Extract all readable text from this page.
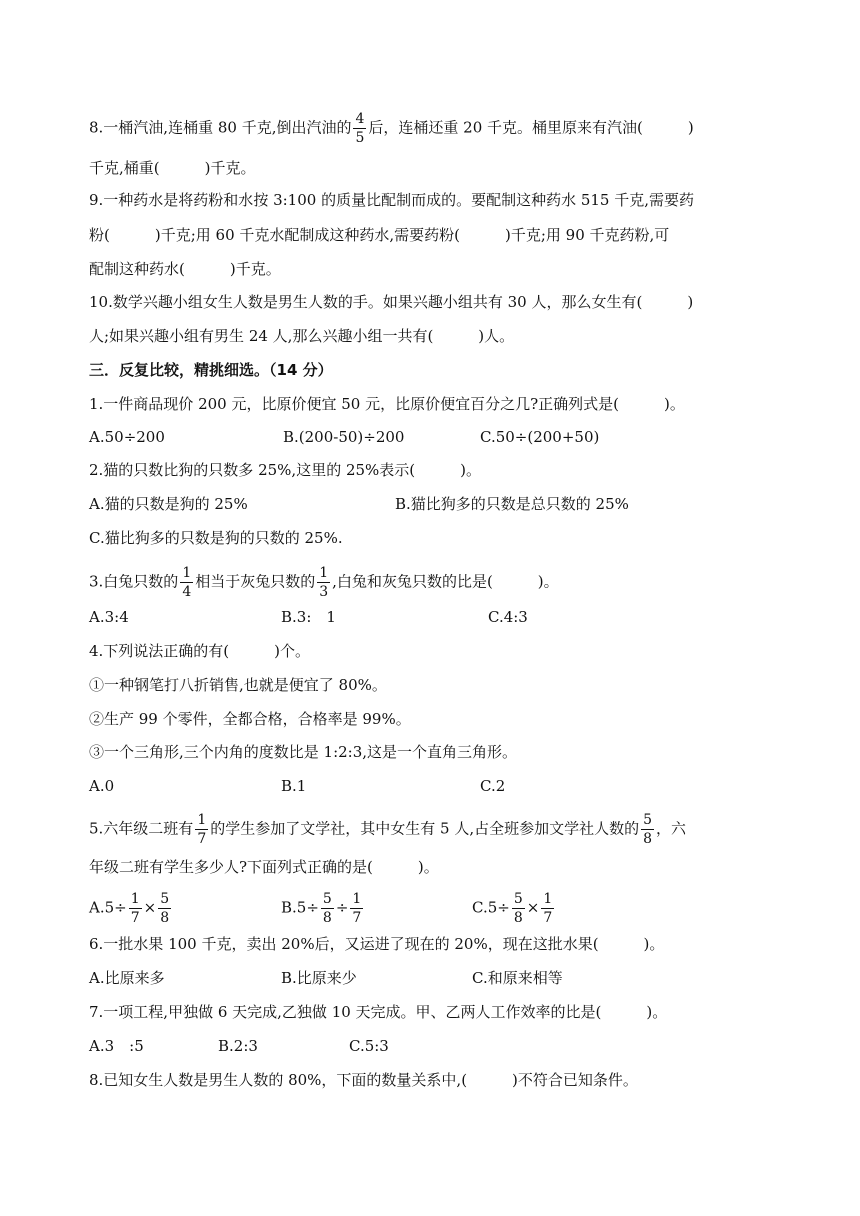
8.一桶汽油,连桶重 80 千克,倒出汽油的 $\frac{4}{5}$ 后，连桶还重 20 千克。桶里原来有汽油(　　　)
千克,桶重(　　　)千克。
9.一种药水是将药粉和水按 3:100 的质量比配制而成的。要配制这种药水 515 千克,需要药
粉(　　　)千克;用 60 千克水配制成这种药水,需要药粉(　　　)千克;用 90 千克药粉,可
配制这种药水(　　　)千克。
10.数学兴趣小组女生人数是男生人数的手。如果兴趣小组共有 30 人，那么女生有(　　　)
人;如果兴趣小组有男生 24 人,那么兴趣小组一共有(　　　)人。
三．反复比较，精挑细选。（14 分）
1.一件商品现价 200 元，比原价便宜 50 元，比原价便宜百分之几?正确列式是(　　　)。
A.50÷200	B.(200-50)÷200	C.50÷(200+50)
2.猫的只数比狗的只数多 25%,这里的 25%表示(　　　)。
A.猫的只数是狗的 25%	B.猫比狗多的只数是总只数的 25%
C.猫比狗多的只数是狗的只数的 25%.
3.白兔只数的 $\frac{1}{4}$ 相当于灰兔只数的 $\frac{1}{3}$ ,白兔和灰兔只数的比是(　　　)。
A.3:4	B.3:　1	C.4:3
4.下列说法正确的有(　　　)个。
①一种钢笔打八折销售,也就是便宜了 80%。
②生产 99 个零件，全都合格，合格率是 99%。
③一个三角形,三个内角的度数比是 1:2:3,这是一个直角三角形。
A.0	B.1	C.2
5.六年级二班有 $\frac{1}{7}$ 的学生参加了文学社，其中女生有 5 人,占全班参加文学社人数的 $\frac{5}{8}$ ，六
年级二班有学生多少人?下面列式正确的是(　　　)。
$A.5\div \frac{1}{7} \times \frac{5}{8}$	$B.5\div \frac{5}{8} \div \frac{1}{7}$	$C.5\div \frac{5}{8} \times \frac{1}{7}$
6.一批水果 100 千克，卖出 20%后，又运进了现在的 20%，现在这批水果(　　　)。
A.比原来多	B.比原来少	C.和原来相等
7.一项工程,甲独做 6 天完成,乙独做 10 天完成。甲、乙两人工作效率的比是(　　　)。
A.3　:5	B.2:3	C.5:3
8.已知女生人数是男生人数的 80%，下面的数量关系中,(　　　)不符合已知条件。
